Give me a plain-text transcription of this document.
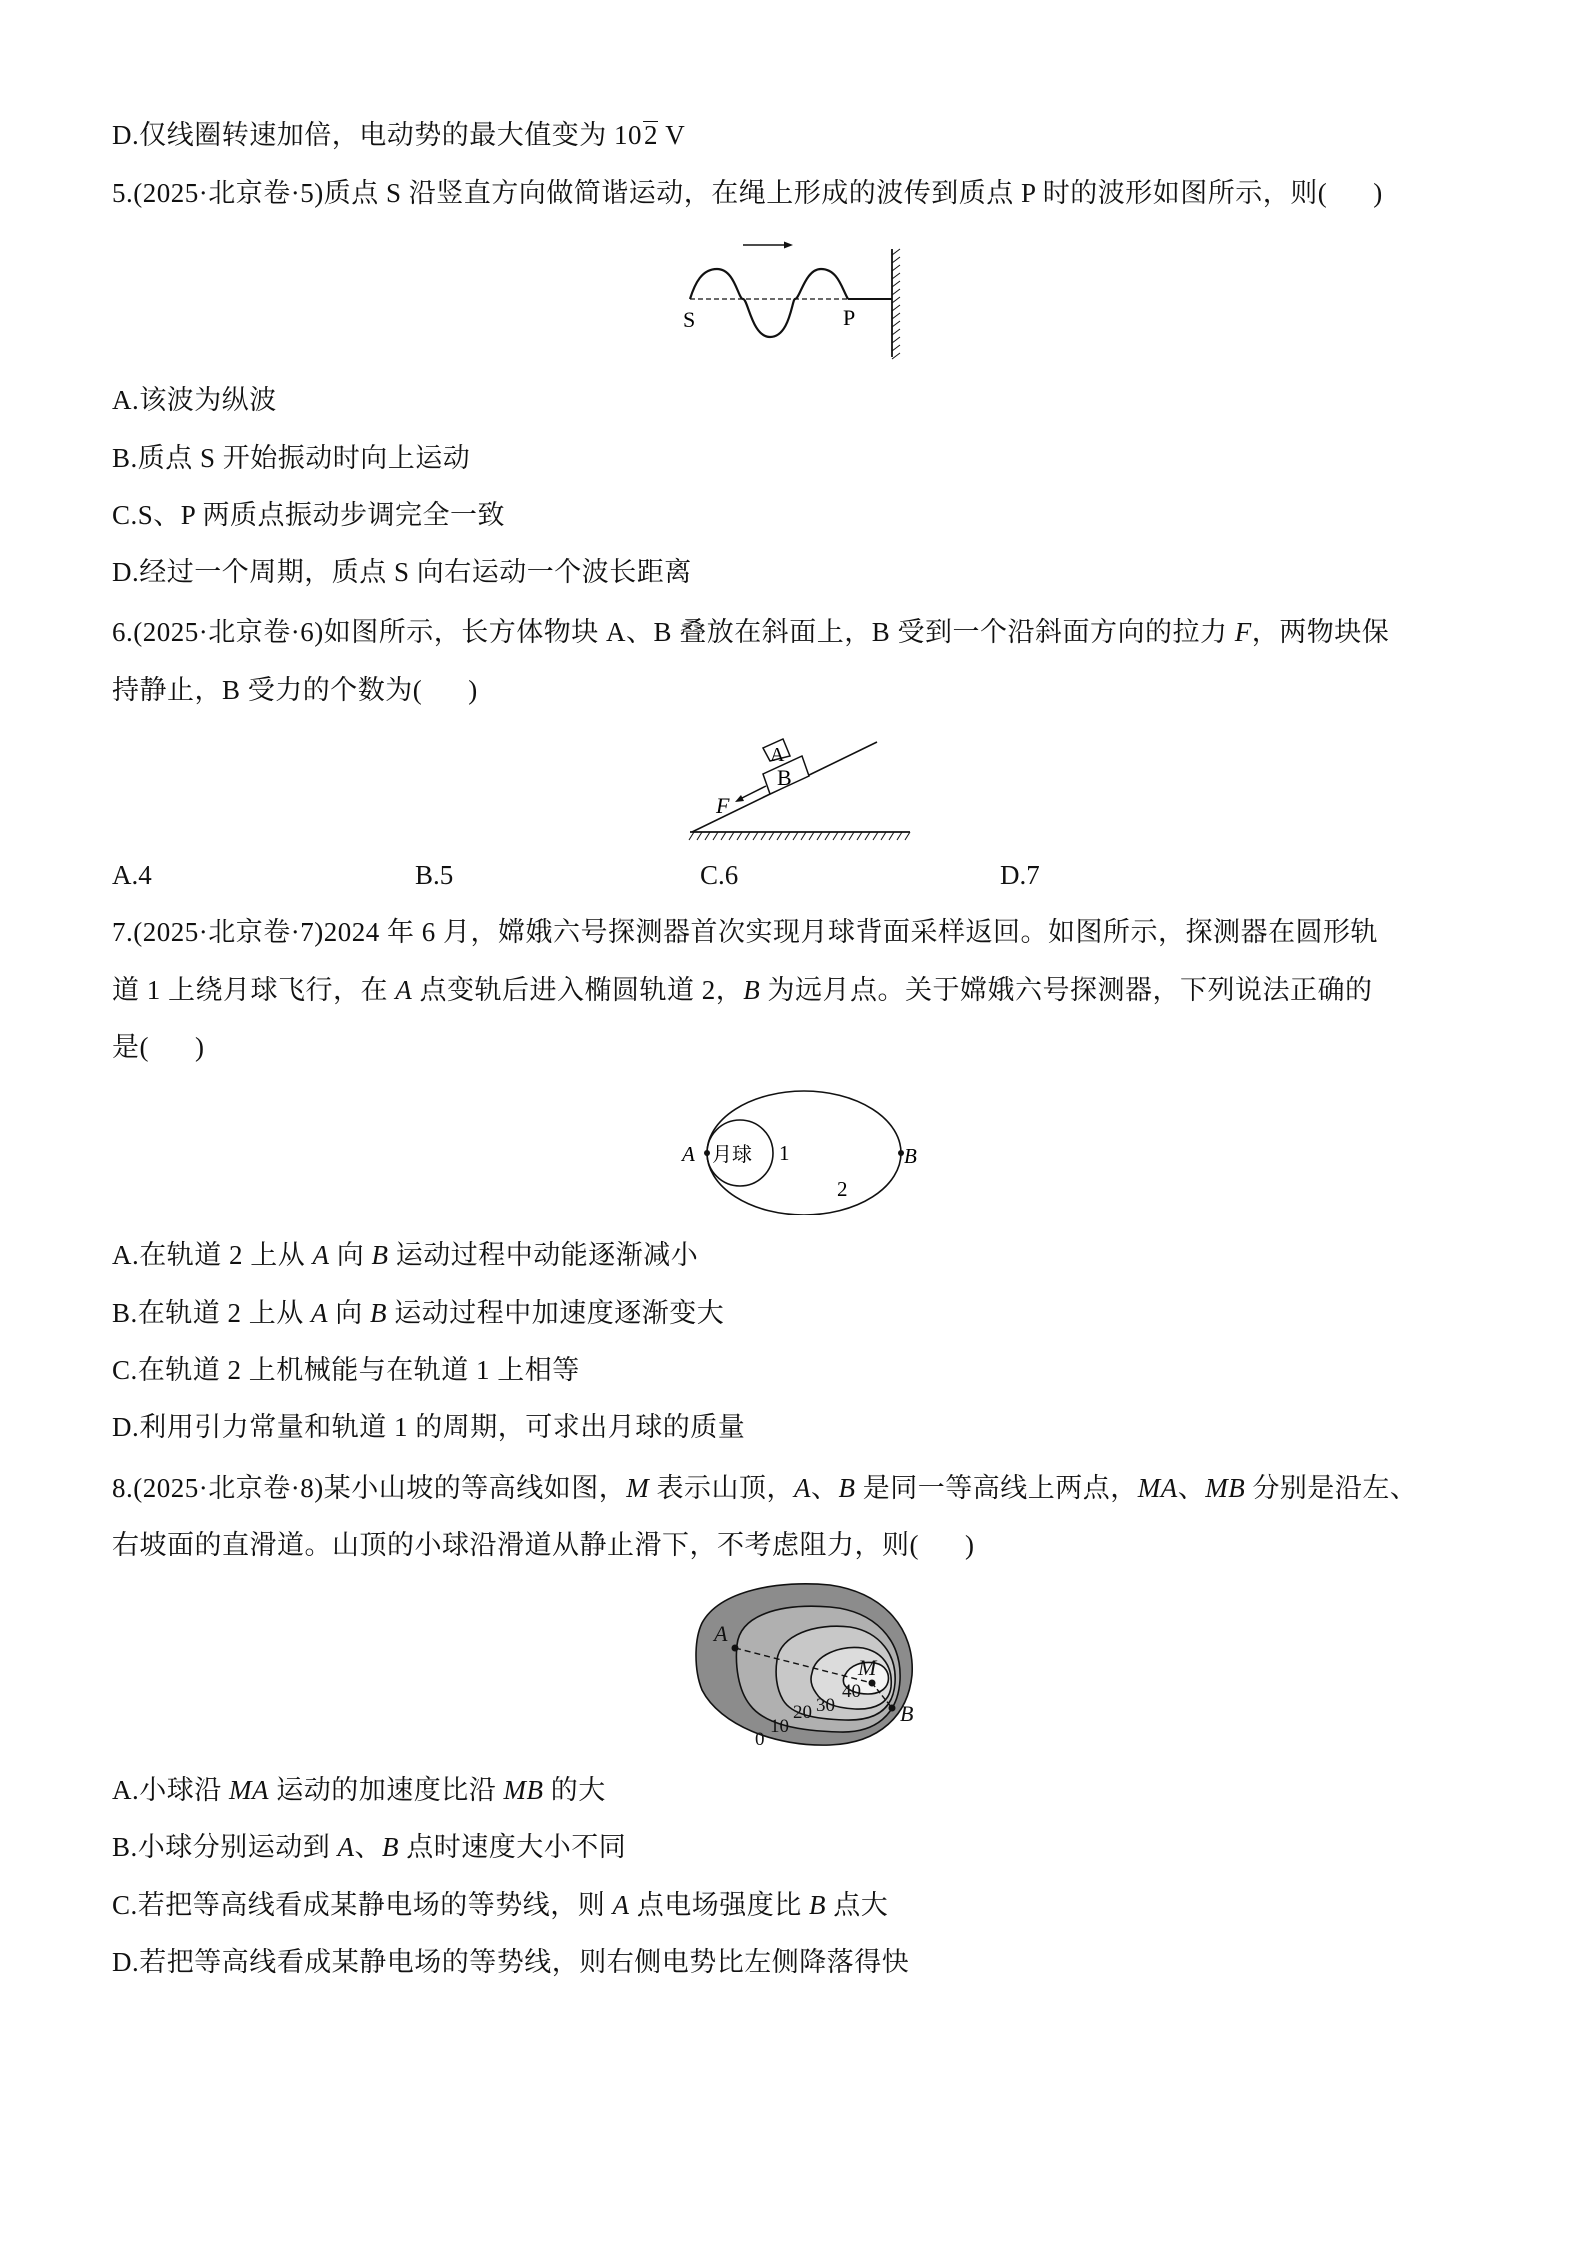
D.仅线圈转速加倍，电动势的最大值变为 102 V
5.(2025·北京卷·5)质点 S 沿竖直方向做简谐运动，在绳上形成的波传到质点 P 时的波形如图所示，则( )
S	P
A.该波为纵波
B.质点 S 开始振动时向上运动
C.S、P 两质点振动步调完全一致
D.经过一个周期，质点 S 向右运动一个波长距离
6.(2025·北京卷·6)如图所示，长方体物块 A、B 叠放在斜面上，B 受到一个沿斜面方向的拉力 F，两物块保
持静止，B 受力的个数为( )
B
A
F
A.4	B.5	C.6	D.7
7.(2025·北京卷·7)2024 年 6 月，嫦娥六号探测器首次实现月球背面采样返回。如图所示，探测器在圆形轨
道 1 上绕月球飞行，在 A 点变轨后进入椭圆轨道 2，B 为远月点。关于嫦娥六号探测器，下列说法正确的
是( )
A	B
月球 1
2
A.在轨道 2 上从 A 向 B 运动过程中动能逐渐减小
B.在轨道 2 上从 A 向 B 运动过程中加速度逐渐变大
C.在轨道 2 上机械能与在轨道 1 上相等
D.利用引力常量和轨道 1 的周期，可求出月球的质量
8.(2025·北京卷·8)某小山坡的等高线如图，M 表示山顶，A、B 是同一等高线上两点，MA、MB 分别是沿左、
右坡面的直滑道。山顶的小球沿滑道从静止滑下，不考虑阻力，则( )
A
B
M
0
10
20 30
40
A.小球沿 MA 运动的加速度比沿 MB 的大
B.小球分别运动到 A、B 点时速度大小不同
C.若把等高线看成某静电场的等势线，则 A 点电场强度比 B 点大
D.若把等高线看成某静电场的等势线，则右侧电势比左侧降落得快
